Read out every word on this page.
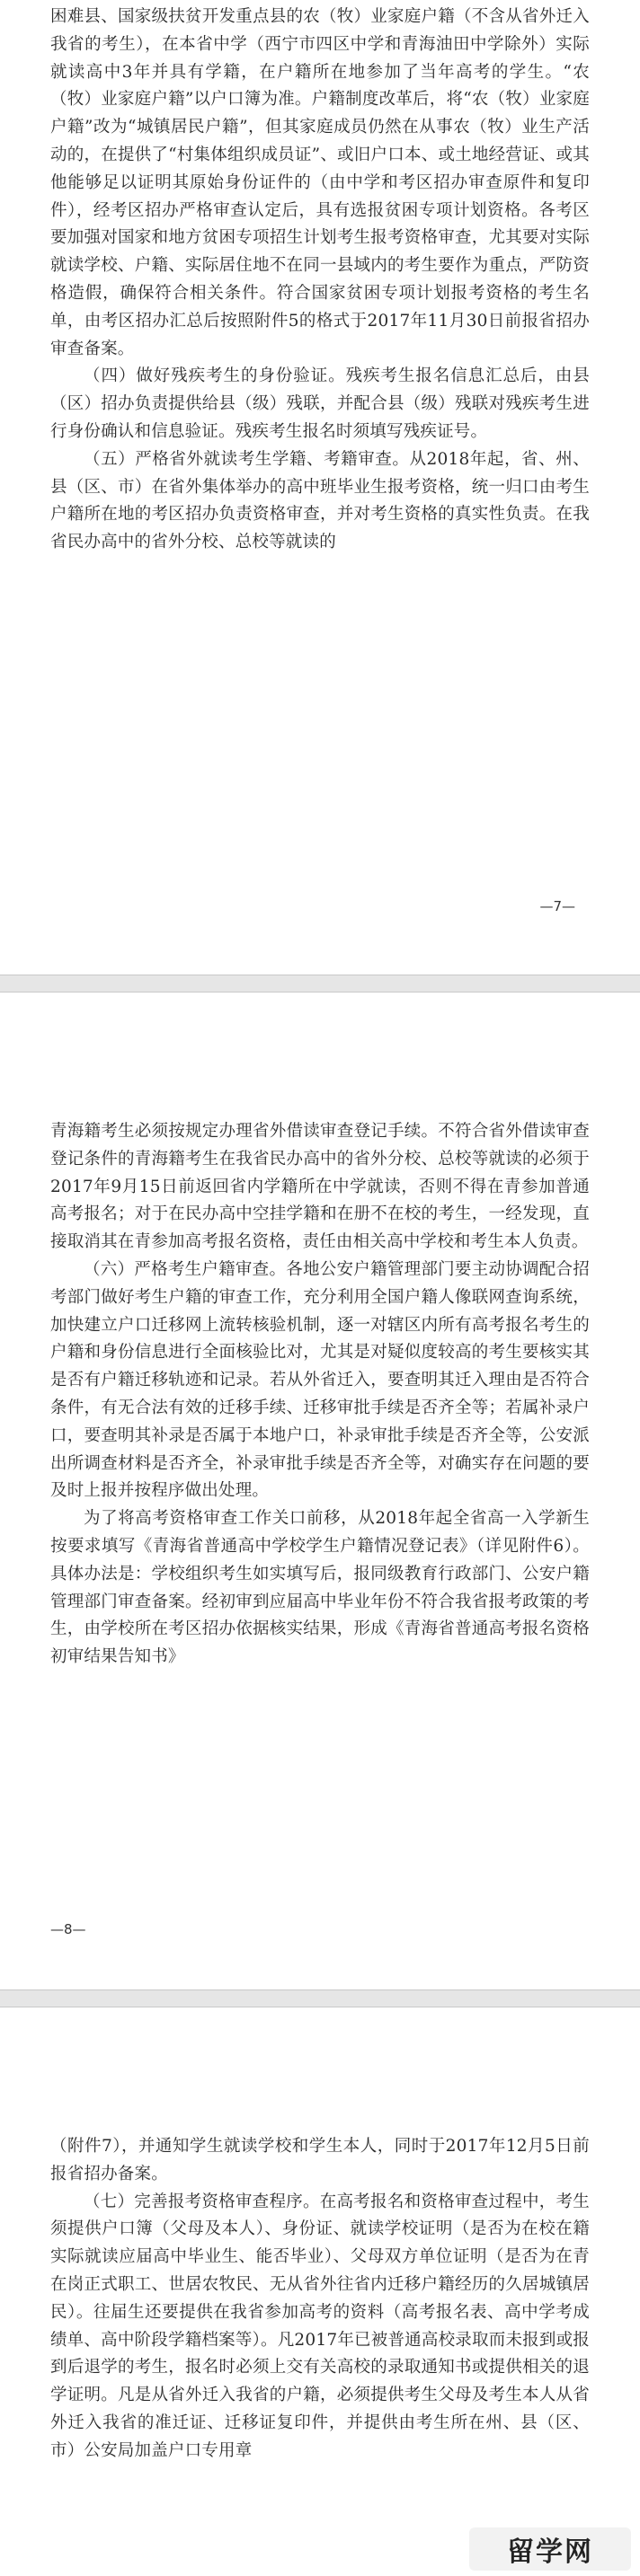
困难县、国家级扶贫开发重点县的农（牧）业家庭户籍（不含从省外迁入我省的考生），在本省中学（西宁市四区中学和青海油田中学除外）实际就读高中3年并具有学籍，在户籍所在地参加了当年高考的学生。“农（牧）业家庭户籍”以户口簿为准。户籍制度改革后，将“农（牧）业家庭户籍”改为“城镇居民户籍”，但其家庭成员仍然在从事农（牧）业生产活动的，在提供了“村集体组织成员证”、或旧户口本、或土地经营证、或其他能够足以证明其原始身份证件的（由中学和考区招办审查原件和复印件），经考区招办严格审查认定后，具有选报贫困专项计划资格。各考区要加强对国家和地方贫困专项招生计划考生报考资格审查，尤其要对实际就读学校、户籍、实际居住地不在同一县域内的考生要作为重点，严防资格造假，确保符合相关条件。符合国家贫困专项计划报考资格的考生名单，由考区招办汇总后按照附件5的格式于2017年11月30日前报省招办审查备案。

（四）做好残疾考生的身份验证。残疾考生报名信息汇总后，由县（区）招办负责提供给县（级）残联，并配合县（级）残联对残疾考生进行身份确认和信息验证。残疾考生报名时须填写残疾证号。

（五）严格省外就读考生学籍、考籍审查。从2018年起，省、州、县（区、市）在省外集体举办的高中班毕业生报考资格，统一归口由考生户籍所在地的考区招办负责资格审查，并对考生资格的真实性负责。在我省民办高中的省外分校、总校等就读的

—7—

青海籍考生必须按规定办理省外借读审查登记手续。不符合省外借读审查登记条件的青海籍考生在我省民办高中的省外分校、总校等就读的必须于2017年9月15日前返回省内学籍所在中学就读，否则不得在青参加普通高考报名；对于在民办高中空挂学籍和在册不在校的考生，一经发现，直接取消其在青参加高考报名资格，责任由相关高中学校和考生本人负责。

（六）严格考生户籍审查。各地公安户籍管理部门要主动协调配合招考部门做好考生户籍的审查工作，充分利用全国户籍人像联网查询系统，加快建立户口迁移网上流转核验机制，逐一对辖区内所有高考报名考生的户籍和身份信息进行全面核验比对，尤其是对疑似度较高的考生要核实其是否有户籍迁移轨迹和记录。若从外省迁入，要查明其迁入理由是否符合条件，有无合法有效的迁移手续、迁移审批手续是否齐全等；若属补录户口，要查明其补录是否属于本地户口，补录审批手续是否齐全等，公安派出所调查材料是否齐全，补录审批手续是否齐全等，对确实存在问题的要及时上报并按程序做出处理。

为了将高考资格审查工作关口前移，从2018年起全省高一入学新生按要求填写《青海省普通高中学校学生户籍情况登记表》（详见附件6）。具体办法是：学校组织考生如实填写后，报同级教育行政部门、公安户籍管理部门审查备案。经初审到应届高中毕业年份不符合我省报考政策的考生，由学校所在考区招办依据核实结果，形成《青海省普通高考报名资格初审结果告知书》

—8—

（附件7），并通知学生就读学校和学生本人，同时于2017年12月5日前报省招办备案。

（七）完善报考资格审查程序。在高考报名和资格审查过程中，考生须提供户口簿（父母及本人）、身份证、就读学校证明（是否为在校在籍实际就读应届高中毕业生、能否毕业）、父母双方单位证明（是否为在青在岗正式职工、世居农牧民、无从省外往省内迁移户籍经历的久居城镇居民）。往届生还要提供在我省参加高考的资料（高考报名表、高中学考成绩单、高中阶段学籍档案等）。凡2017年已被普通高校录取而未报到或报到后退学的考生，报名时必须上交有关高校的录取通知书或提供相关的退学证明。凡是从省外迁入我省的户籍，必须提供考生父母及考生本人从省外迁入我省的准迁证、迁移证复印件，并提供由考生所在州、县（区、市）公安局加盖户口专用章

留学网
